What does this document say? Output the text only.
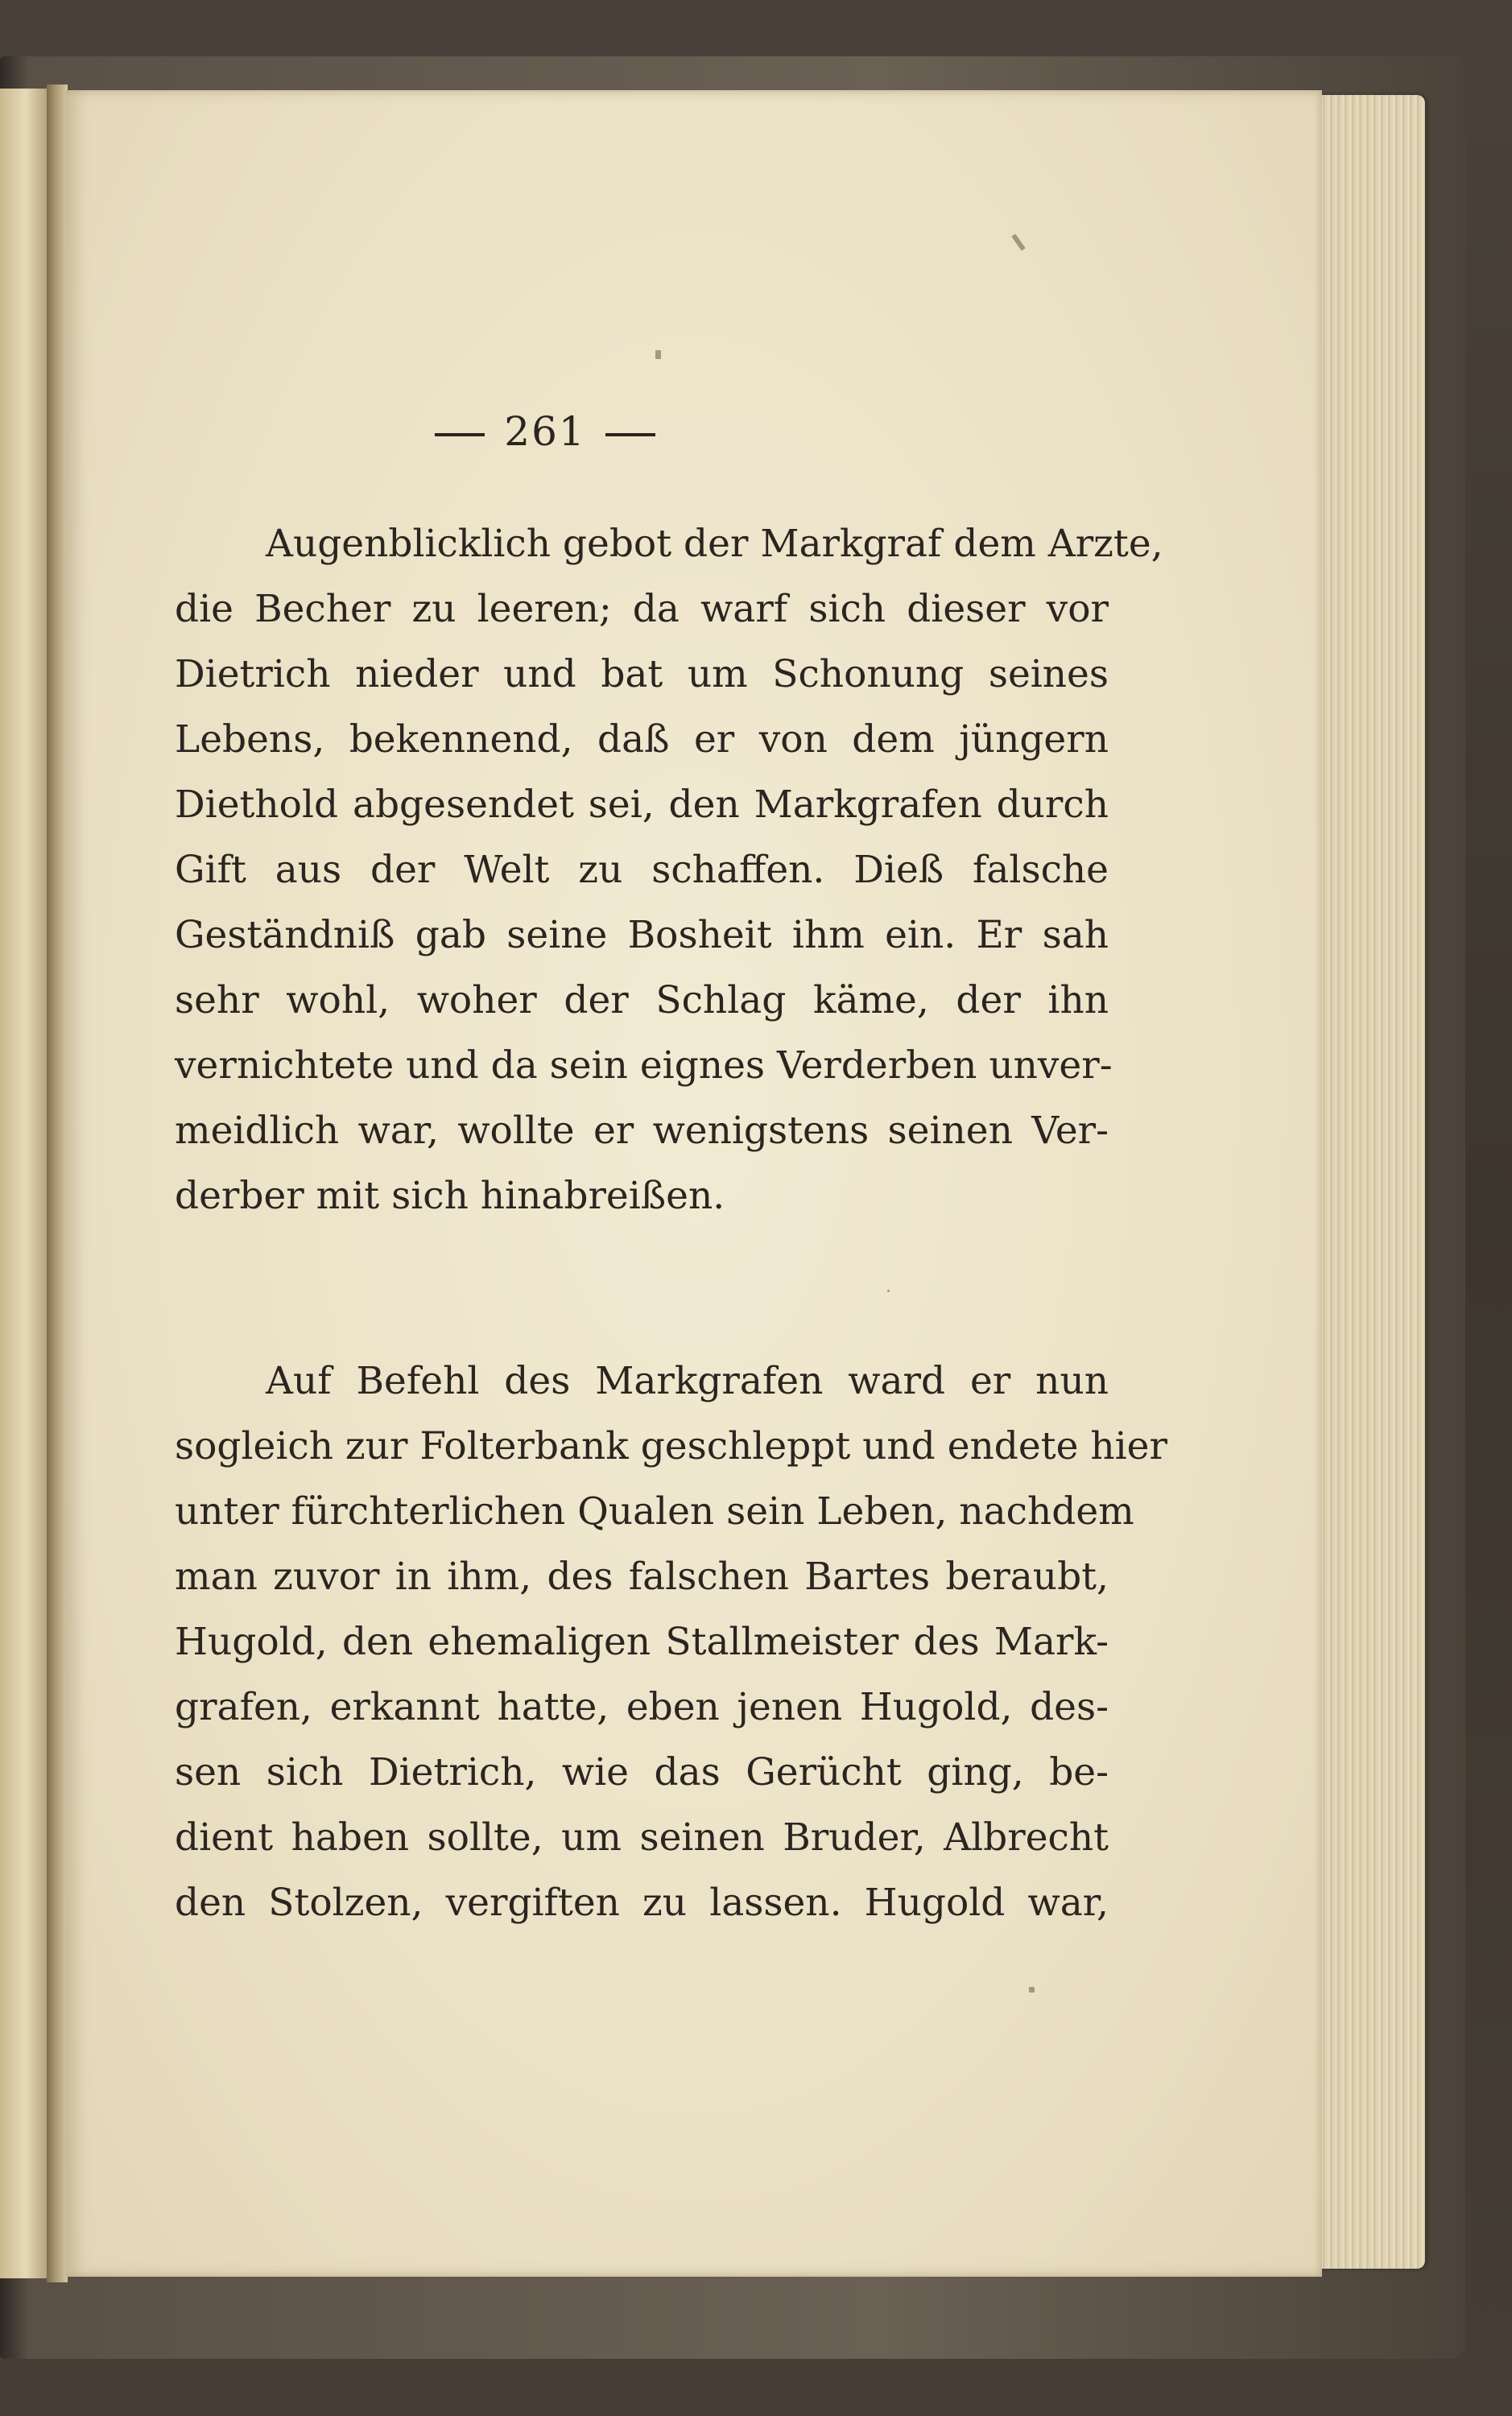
261
Augenblicklich gebot der Markgraf dem Arzte,
die Becher zu leeren; da warf sich dieser vor
Dietrich nieder und bat um Schonung seines
Lebens, bekennend, daß er von dem jüngern
Diethold abgesendet sei, den Markgrafen durch
Gift aus der Welt zu schaffen. Dieß falsche
Geständniß gab seine Bosheit ihm ein. Er sah
sehr wohl, woher der Schlag käme, der ihn
vernichtete und da sein eignes Verderben unver-
meidlich war, wollte er wenigstens seinen Ver-
derber mit sich hinabreißen.
Auf Befehl des Markgrafen ward er nun
sogleich zur Folterbank geschleppt und endete hier
unter fürchterlichen Qualen sein Leben, nachdem
man zuvor in ihm, des falschen Bartes beraubt,
Hugold, den ehemaligen Stallmeister des Mark-
grafen, erkannt hatte, eben jenen Hugold, des-
sen sich Dietrich, wie das Gerücht ging, be-
dient haben sollte, um seinen Bruder, Albrecht
den Stolzen, vergiften zu lassen. Hugold war,
